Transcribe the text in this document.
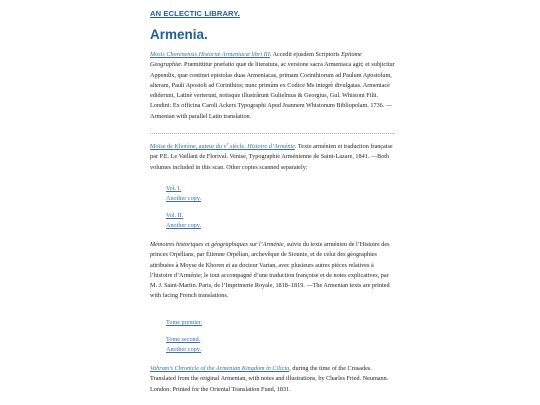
AN ECLECTIC LIBRARY.
Armenia.

Mosis Chorenensis Historiæ Armeniacæ libri III. Accedit ejusdem Scriptoris Epitome Geographiæ. Præmittitur præfatio quæ de literatura, ac versione sacra Armeniaca agit; et subjicitur Appendix, quæ continet epistolas duas Armeniacas, primam Corinthiorum ad Paulum Apostolum, alteram, Pauli Apostoli ad Corinthios; nunc primùm ex Codice Ms integrè divulgatas. Armeniacè ediderunt, Latinè verterunt, notisque illustrârunt Gulielmus & Georgius, Gul. Whistoni Filii. Londini: Ex officina Caroli Ackers Typographi Apud Joannem Whistonum Bibliopolam. 1736. —Armenian with parallel Latin translation.

Moïse de Khorène, auteur du $v^e$ siècle. Histoire d’Arménie. Texte arménien et traduction française par P.E. Le Vaillant de Florival. Venise, Typographie Arménienne de Saint-Lazare, 1841. —Both volumes included in this scan. Other copies scanned separately:

Vol. I.
Another copy.
Vol. II.
Another copy.

Mémoires historiques et géographiques sur l’Arménie, suivis du texte arménien de l’Histoire des princes Orpélians, par Étienne Orpélian, archevêque de Siounie, et de celui des géographies attribuées à Moyse de Khoren et au docteur Vartan, avec plusieurs autres pièces relatives à l’histoire d’Arménie; le tout accompagné d’une traduction françoise et de notes explicatives, par M. J. Saint-Martin. Paris, de l’Imprimerie Royale, 1818–1819. —The Armenian texts are printed with facing French translations.

Tome premier.
Tome second.
Another copy.

Vahram’s Chronicle of the Armenian Kingdom in Cilicia, during the time of the Crusades. Translated from the original Armenian, with notes and illustrations, by Charles Fried. Neumann. London: Printed for the Oriental Translation Fund, 1831.
